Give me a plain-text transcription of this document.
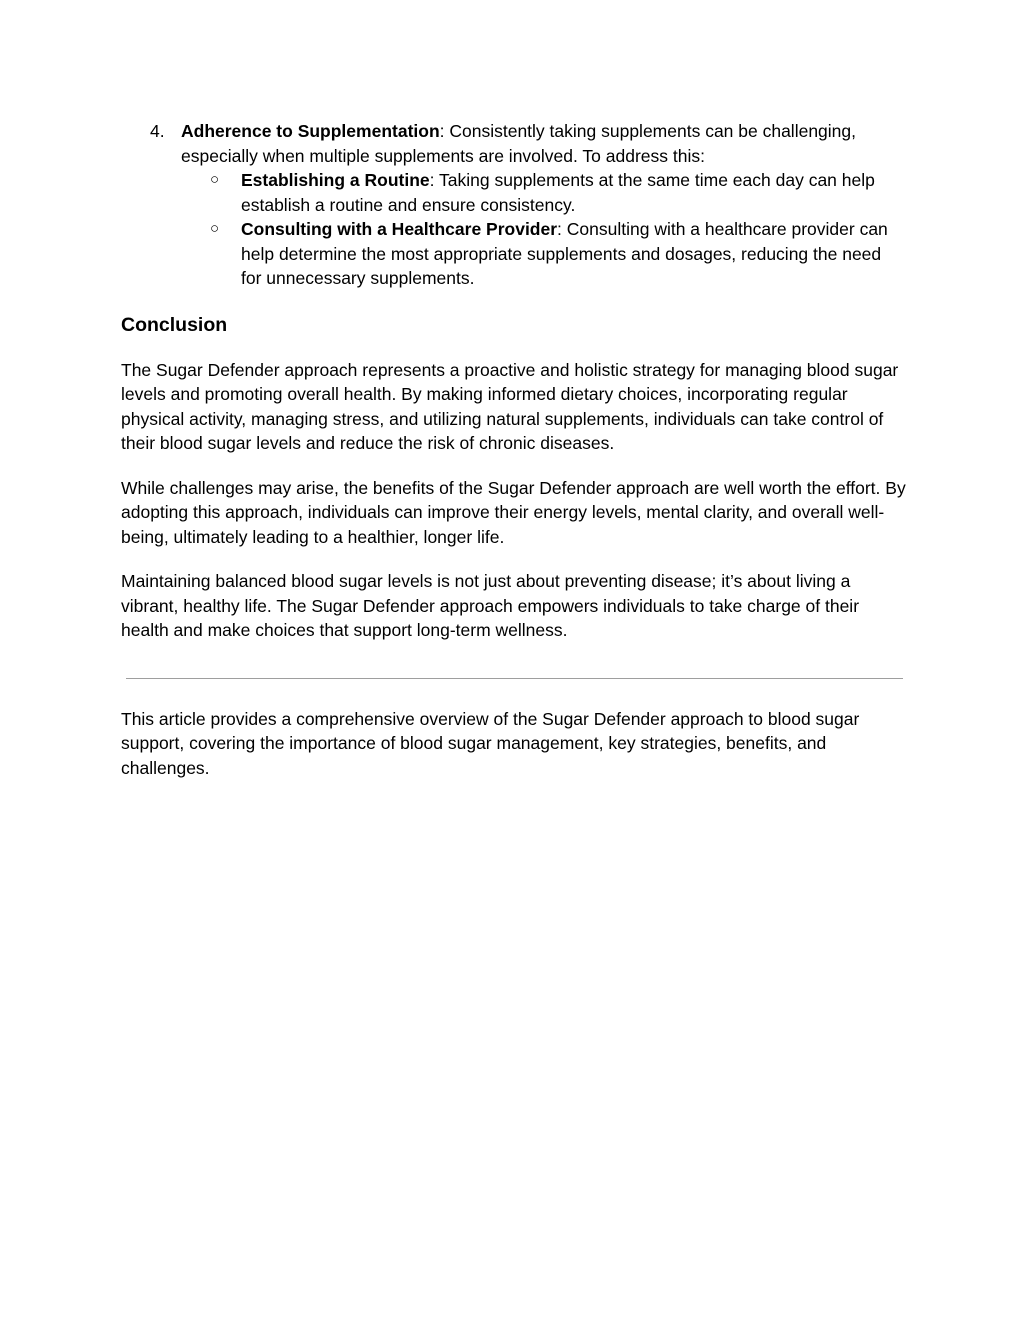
4. Adherence to Supplementation: Consistently taking supplements can be challenging, especially when multiple supplements are involved. To address this:
○ Establishing a Routine: Taking supplements at the same time each day can help establish a routine and ensure consistency.
○ Consulting with a Healthcare Provider: Consulting with a healthcare provider can help determine the most appropriate supplements and dosages, reducing the need for unnecessary supplements.
Conclusion

The Sugar Defender approach represents a proactive and holistic strategy for managing blood sugar levels and promoting overall health. By making informed dietary choices, incorporating regular physical activity, managing stress, and utilizing natural supplements, individuals can take control of their blood sugar levels and reduce the risk of chronic diseases.

While challenges may arise, the benefits of the Sugar Defender approach are well worth the effort. By adopting this approach, individuals can improve their energy levels, mental clarity, and overall well-being, ultimately leading to a healthier, longer life.

Maintaining balanced blood sugar levels is not just about preventing disease; it’s about living a vibrant, healthy life. The Sugar Defender approach empowers individuals to take charge of their health and make choices that support long-term wellness.

This article provides a comprehensive overview of the Sugar Defender approach to blood sugar support, covering the importance of blood sugar management, key strategies, benefits, and challenges.
